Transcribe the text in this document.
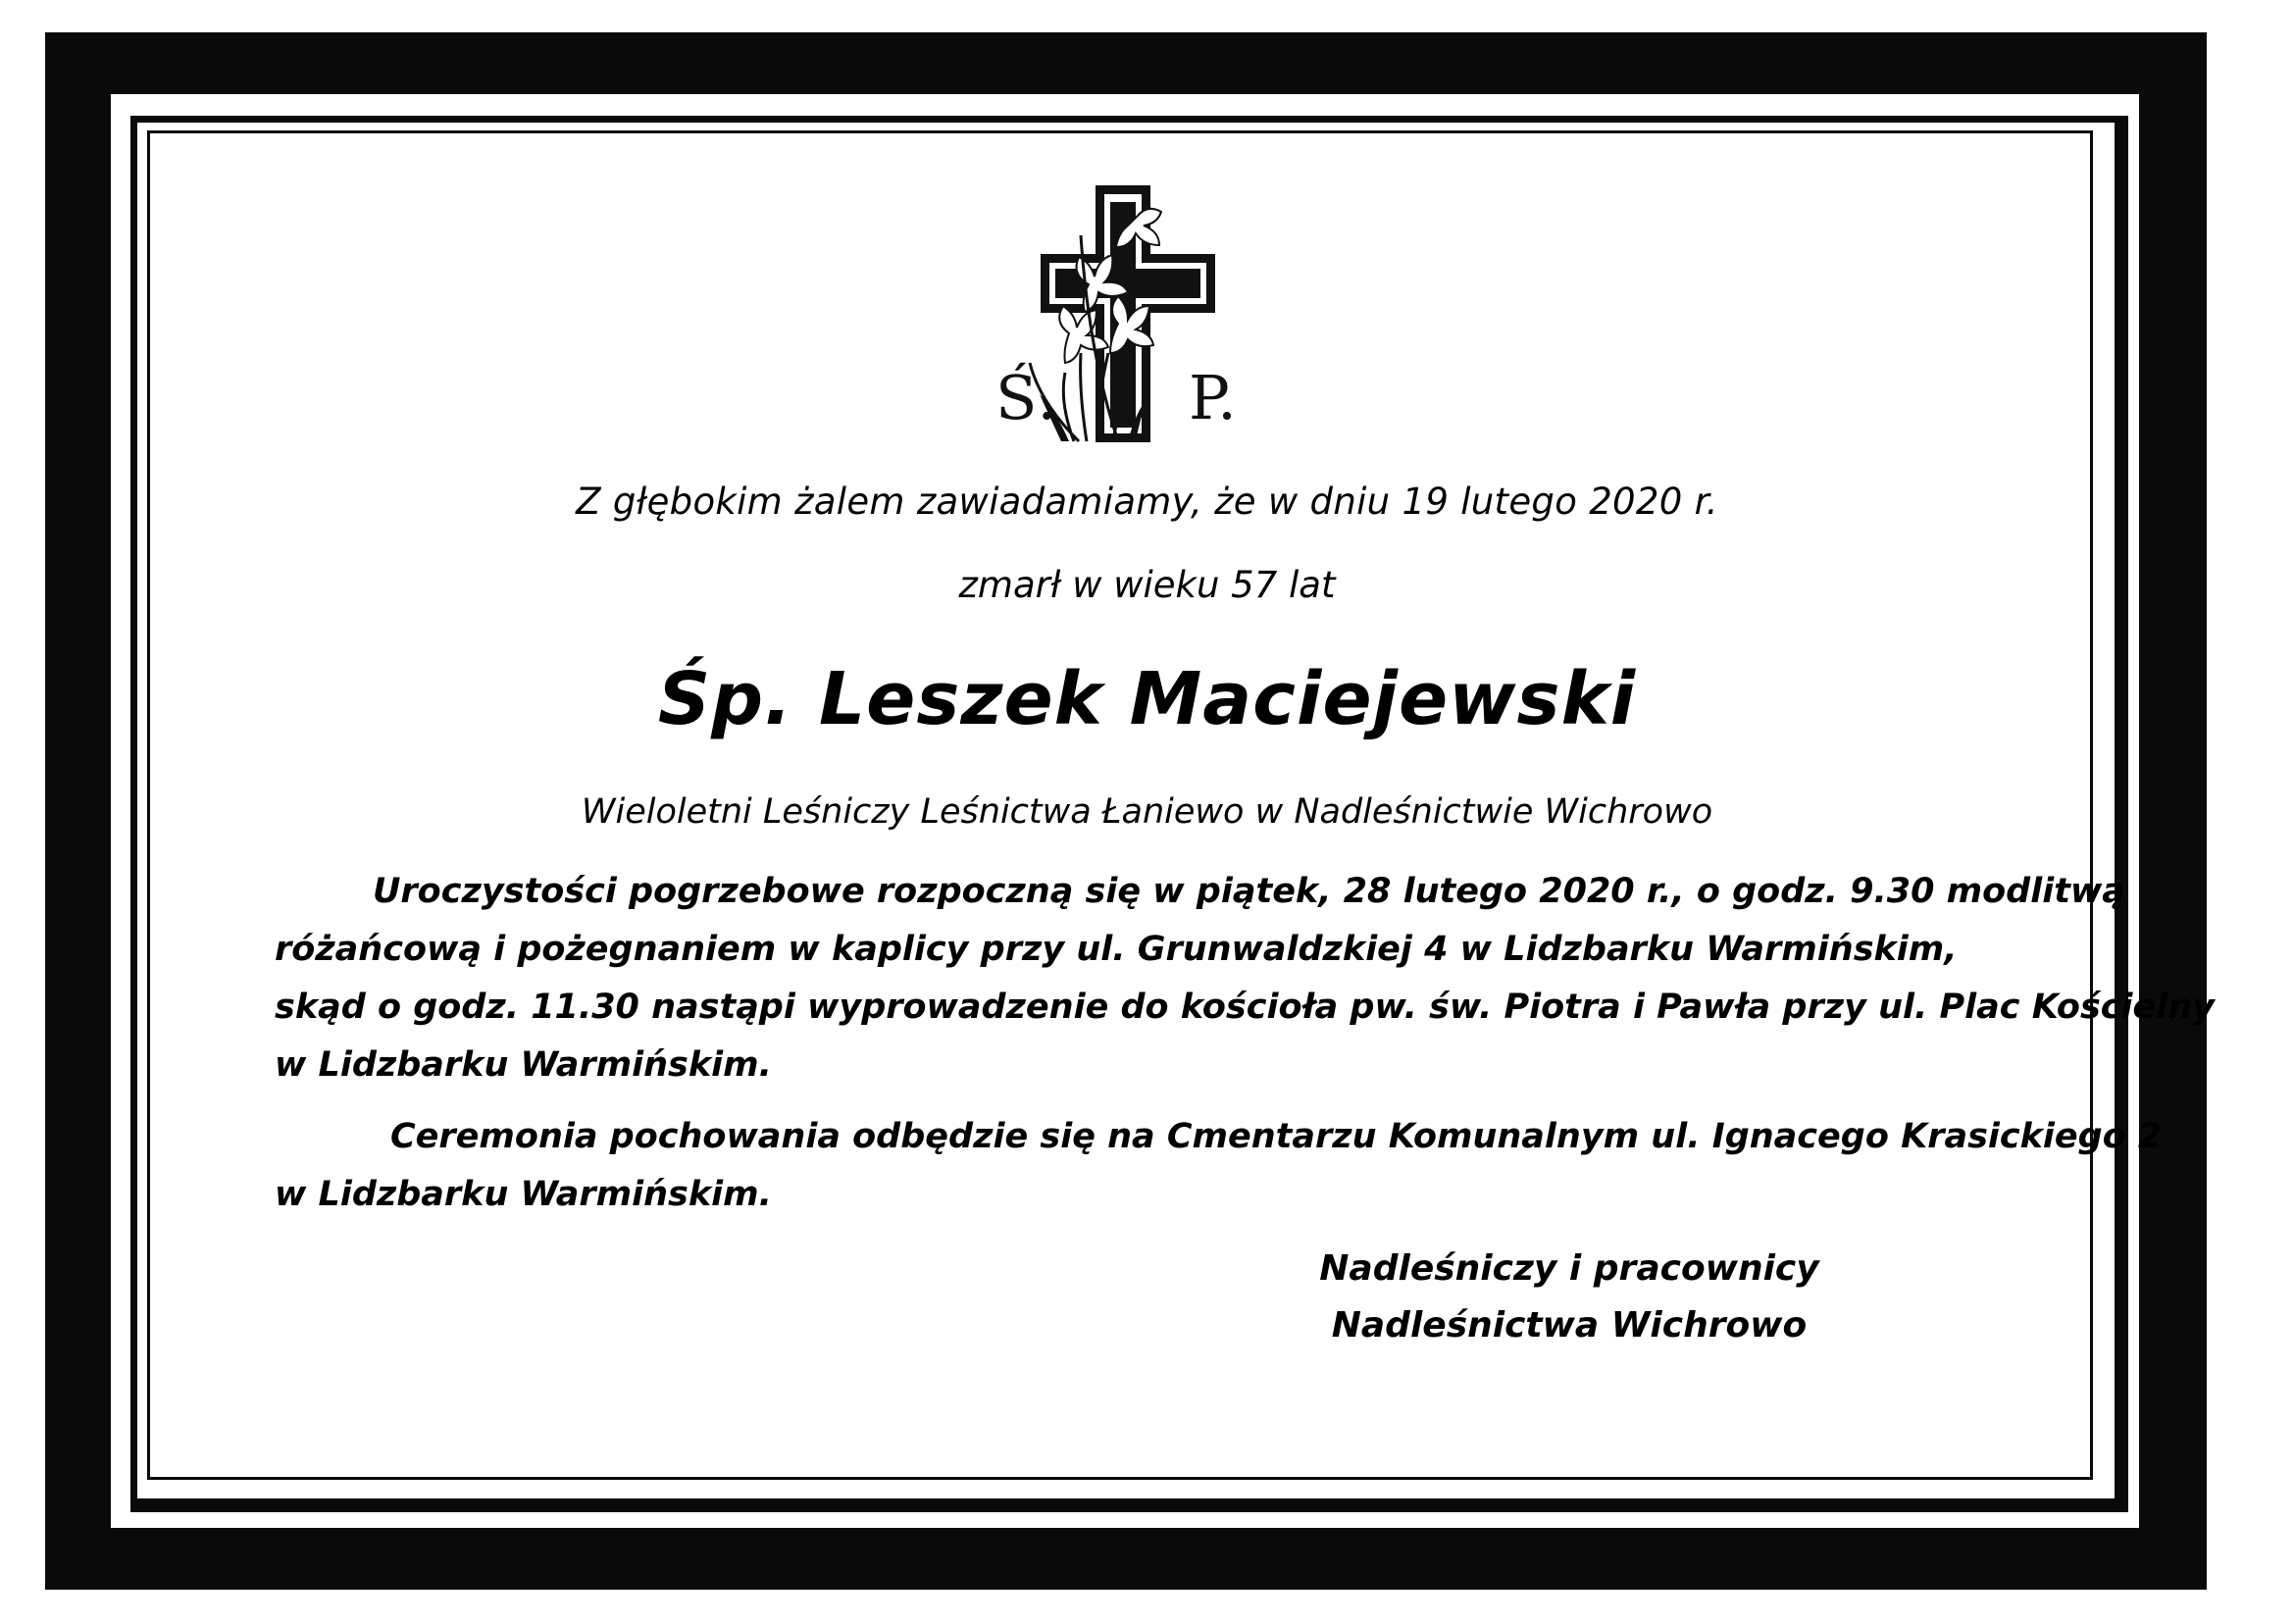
Ś. P.
Z głębokim żalem zawiadamiamy, że w dniu 19 lutego 2020 r.
zmarł w wieku 57 lat
Śp. Leszek Maciejewski
Wieloletni Leśniczy Leśnictwa Łaniewo w Nadleśnictwie Wichrowo
Uroczystości pogrzebowe rozpoczną się w piątek, 28 lutego 2020 r., o godz. 9.30 modlitwą
różańcową i pożegnaniem w kaplicy przy ul. Grunwaldzkiej 4 w Lidzbarku Warmińskim,
skąd o godz. 11.30 nastąpi wyprowadzenie do kościoła pw. św. Piotra i Pawła przy ul. Plac Kościelny
w Lidzbarku Warmińskim.
Ceremonia pochowania odbędzie się na Cmentarzu Komunalnym ul. Ignacego Krasickiego 2
w Lidzbarku Warmińskim.
Nadleśniczy i pracownicy
Nadleśnictwa Wichrowo
